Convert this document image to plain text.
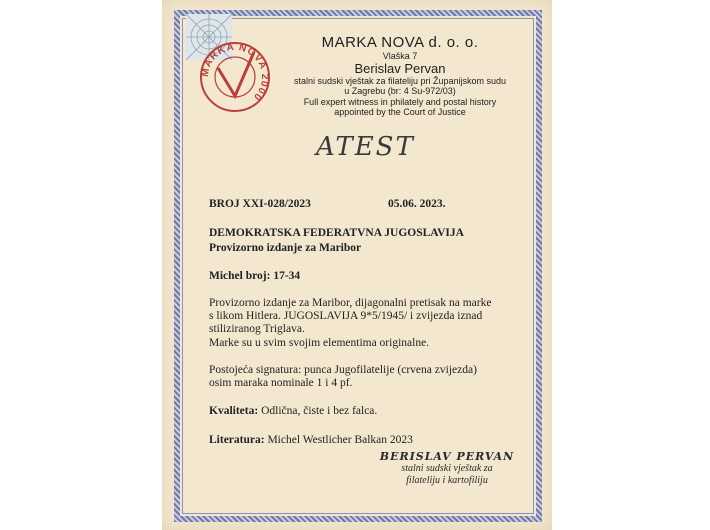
MARKA NOVA 2000
MARKA NOVA d. o. o.
Vlaška 7
Berislav Pervan
stalni sudski vještak za filateliju pri Županijskom sudu
u Zagrebu (br: 4 Su-972/03)
Full expert witness in philately and postal history
appointed by the Court of Justice
ATEST
BROJ XXI-028/2023	05.06. 2023.
DEMOKRATSKA FEDERATVNA JUGOSLAVIJA
Provizorno izdanje za Maribor
Michel broj: 17-34
Provizorno izdanje za Maribor, dijagonalni pretisak na marke
s likom Hitlera. JUGOSLAVIJA 9*5/1945/ i zvijezda iznad
stiliziranog Triglava.
Marke su u svim svojim elementima originalne.
Postojeća signatura: punca Jugofilatelije (crvena zvijezda)
osim maraka nominale 1 i 4 pf.
Kvaliteta: Odlična, čiste i bez falca.
Literatura: Michel Westlicher Balkan 2023
BERISLAV PERVAN
stalni sudski vještak za
filateliju i kartofiliju
